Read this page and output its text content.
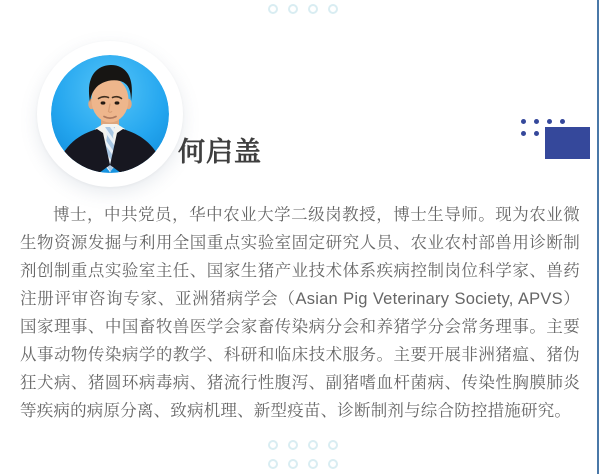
何启盖

博士，中共党员，华中农业大学二级岗教授，博士生导师。现为农业微生物资源发掘与利用全国重点实验室固定研究人员、农业农村部兽用诊断制剂创制重点实验室主任、国家生猪产业技术体系疾病控制岗位科学家、兽药注册评审咨询专家、亚洲猪病学会（Asian Pig Veterinary Society, APVS）国家理事、中国畜牧兽医学会家畜传染病分会和养猪学分会常务理事。主要从事动物传染病学的教学、科研和临床技术服务。主要开展非洲猪瘟、猪伪狂犬病、猪圆环病毒病、猪流行性腹泻、副猪嗜血杆菌病、传染性胸膜肺炎等疾病的病原分离、致病机理、新型疫苗、诊断制剂与综合防控措施研究。
